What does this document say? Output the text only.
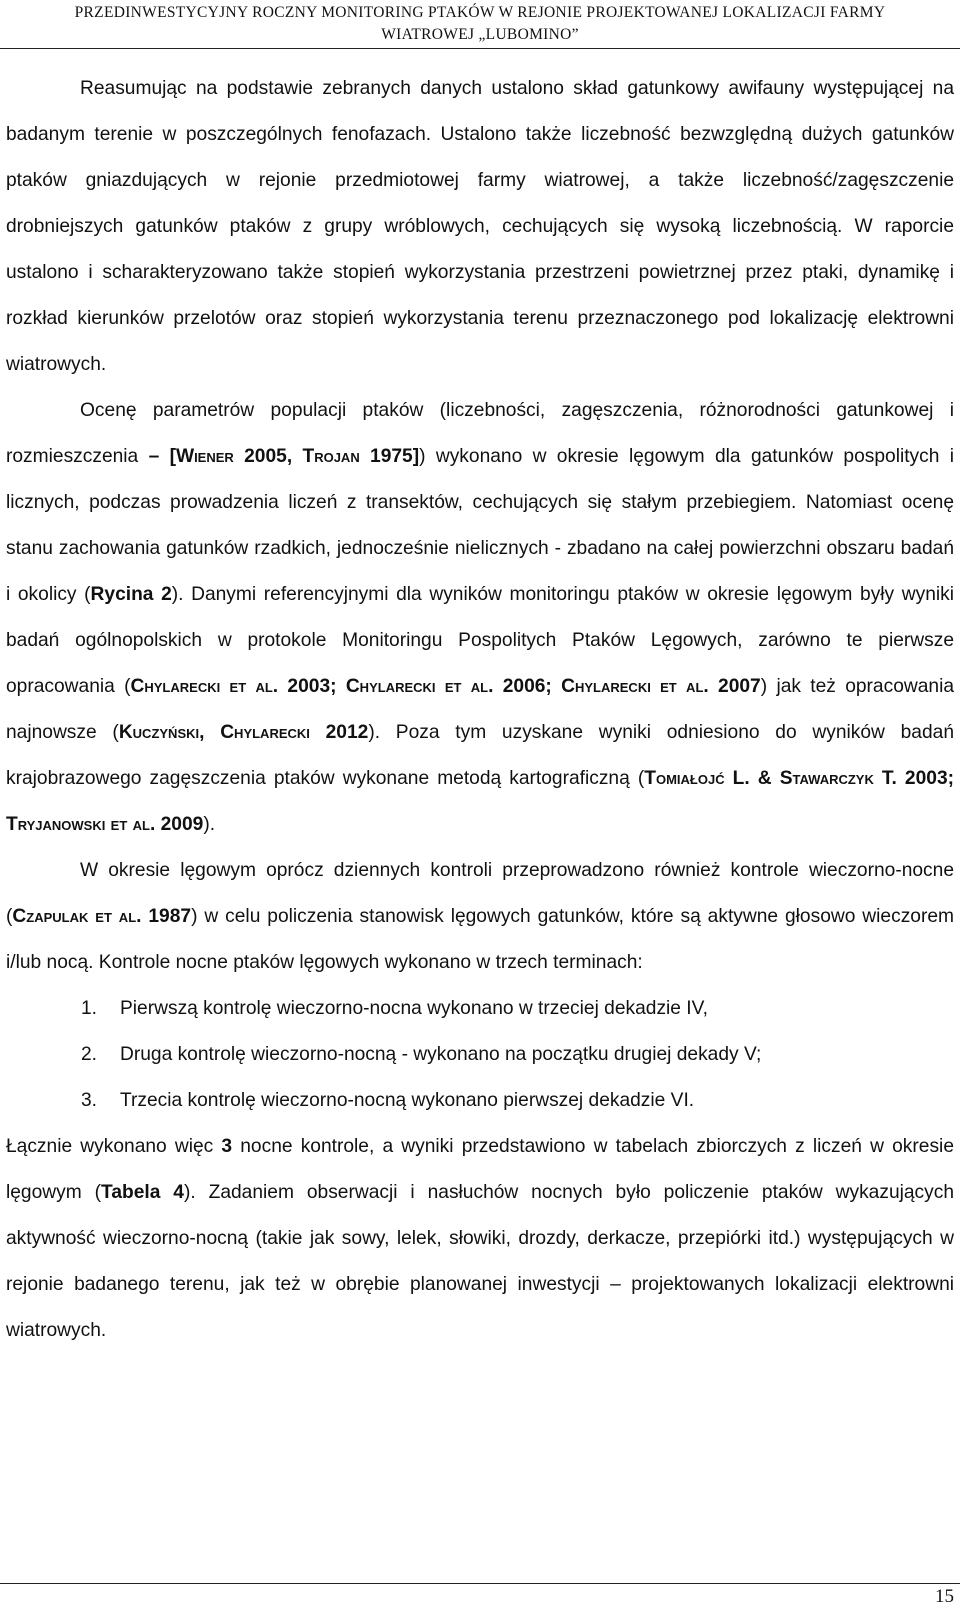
PRZEDINWESTYCYJNY ROCZNY MONITORING PTAKÓW W REJONIE PROJEKTOWANEJ LOKALIZACJI FARMY
WIATROWEJ „LUBOMINO”

Reasumując na podstawie zebranych danych ustalono skład gatunkowy awifauny występującej na badanym terenie w poszczególnych fenofazach. Ustalono także liczebność bezwzględną dużych gatunków ptaków gniazdujących w rejonie przedmiotowej farmy wiatrowej, a także liczebność/zagęszczenie drobniejszych gatunków ptaków z grupy wróblowych, cechujących się wysoką liczebnością. W raporcie ustalono i scharakteryzowano także stopień wykorzystania przestrzeni powietrznej przez ptaki, dynamikę i rozkład kierunków przelotów oraz stopień wykorzystania terenu przeznaczonego pod lokalizację elektrowni wiatrowych.

Ocenę parametrów populacji ptaków (liczebności, zagęszczenia, różnorodności gatunkowej i rozmieszczenia – [Wiener 2005, Trojan 1975]) wykonano w okresie lęgowym dla gatunków pospolitych i licznych, podczas prowadzenia liczeń z transektów, cechujących się stałym przebiegiem. Natomiast ocenę stanu zachowania gatunków rzadkich, jednocześnie nielicznych - zbadano na całej powierzchni obszaru badań i okolicy (Rycina 2). Danymi referencyjnymi dla wyników monitoringu ptaków w okresie lęgowym były wyniki badań ogólnopolskich w protokole Monitoringu Pospolitych Ptaków Lęgowych, zarówno te pierwsze opracowania (Chylarecki et al. 2003; Chylarecki et al. 2006; Chylarecki et al. 2007) jak też opracowania najnowsze (Kuczyński, Chylarecki 2012). Poza tym uzyskane wyniki odniesiono do wyników badań krajobrazowego zagęszczenia ptaków wykonane metodą kartograficzną (Tomiałojć L. & Stawarczyk T. 2003; Tryjanowski et al. 2009).

W okresie lęgowym oprócz dziennych kontroli przeprowadzono również kontrole wieczorno-nocne (Czapulak et al. 1987) w celu policzenia stanowisk lęgowych gatunków, które są aktywne głosowo wieczorem i/lub nocą. Kontrole nocne ptaków lęgowych wykonano w trzech terminach:

1. Pierwszą kontrolę wieczorno-nocna wykonano w trzeciej dekadzie IV,
2. Druga kontrolę wieczorno-nocną - wykonano na początku drugiej dekady V;
3. Trzecia kontrolę wieczorno-nocną wykonano pierwszej dekadzie VI.

Łącznie wykonano więc 3 nocne kontrole, a wyniki przedstawiono w tabelach zbiorczych z liczeń w okresie lęgowym (Tabela 4). Zadaniem obserwacji i nasłuchów nocnych było policzenie ptaków wykazujących aktywność wieczorno-nocną (takie jak sowy, lelek, słowiki, drozdy, derkacze, przepiórki itd.) występujących w rejonie badanego terenu, jak też w obrębie planowanej inwestycji – projektowanych lokalizacji elektrowni wiatrowych.

15
